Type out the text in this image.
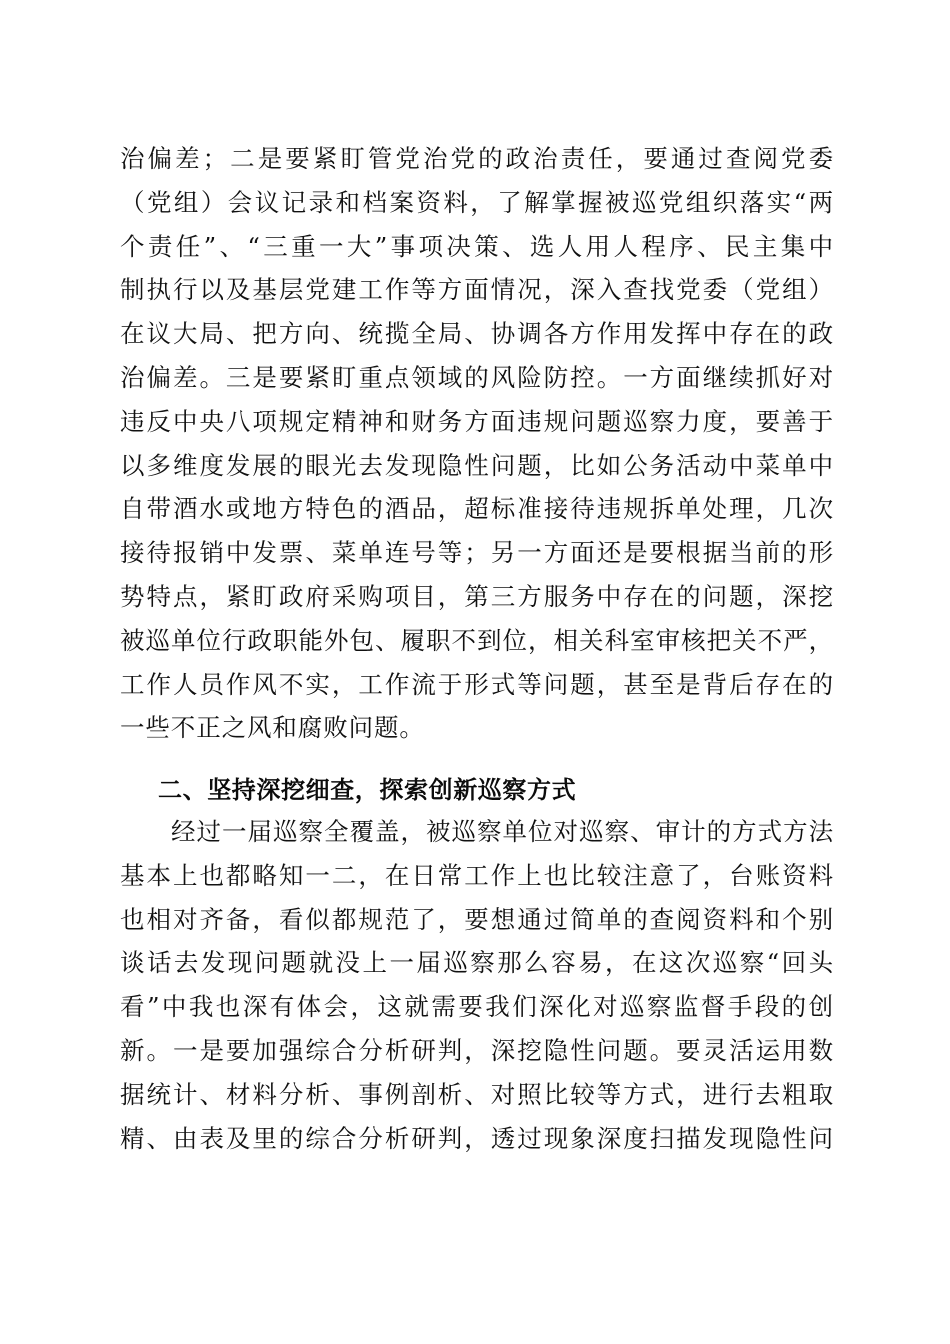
治偏差；二是要紧盯管党治党的政治责任，要通过查阅党委
（党组）会议记录和档案资料，了解掌握被巡党组织落实“两
个责任”、“三重一大”事项决策、选人用人程序、民主集中
制执行以及基层党建工作等方面情况，深入查找党委（党组）
在议大局、把方向、统揽全局、协调各方作用发挥中存在的政
治偏差。三是要紧盯重点领域的风险防控。一方面继续抓好对
违反中央八项规定精神和财务方面违规问题巡察力度，要善于
以多维度发展的眼光去发现隐性问题，比如公务活动中菜单中
自带酒水或地方特色的酒品，超标准接待违规拆单处理，几次
接待报销中发票、菜单连号等；另一方面还是要根据当前的形
势特点，紧盯政府采购项目，第三方服务中存在的问题，深挖
被巡单位行政职能外包、履职不到位，相关科室审核把关不严，
工作人员作风不实，工作流于形式等问题，甚至是背后存在的
一些不正之风和腐败问题。
二、坚持深挖细查，探索创新巡察方式
　　经过一届巡察全覆盖，被巡察单位对巡察、审计的方式方法
基本上也都略知一二，在日常工作上也比较注意了，台账资料
也相对齐备，看似都规范了，要想通过简单的查阅资料和个别
谈话去发现问题就没上一届巡察那么容易，在这次巡察“回头
看”中我也深有体会，这就需要我们深化对巡察监督手段的创
新。一是要加强综合分析研判，深挖隐性问题。要灵活运用数
据统计、材料分析、事例剖析、对照比较等方式，进行去粗取
精、由表及里的综合分析研判，透过现象深度扫描发现隐性问
